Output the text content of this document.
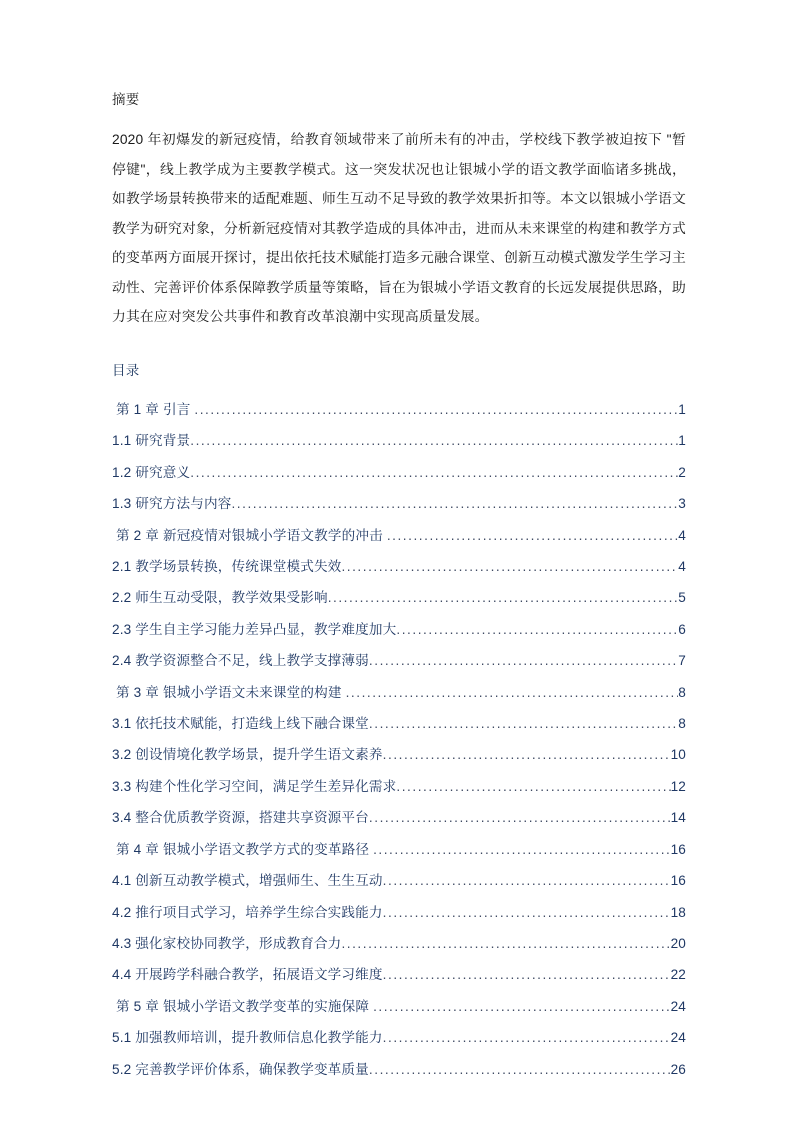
摘要

2020 年初爆发的新冠疫情，给教育领域带来了前所未有的冲击，学校线下教学被迫按下 "暂停键"，线上教学成为主要教学模式。这一突发状况也让银城小学的语文教学面临诸多挑战，如教学场景转换带来的适配难题、师生互动不足导致的教学效果折扣等。本文以银城小学语文教学为研究对象，分析新冠疫情对其教学造成的具体冲击，进而从未来课堂的构建和教学方式的变革两方面展开探讨，提出依托技术赋能打造多元融合课堂、创新互动模式激发学生学习主动性、完善评价体系保障教学质量等策略，旨在为银城小学语文教育的长远发展提供思路，助力其在应对突发公共事件和教育改革浪潮中实现高质量发展。

目录
第 1 章 引言 .....	1
1.1 研究背景 .....	1
1.2 研究意义 .....	2
1.3 研究方法与内容 .....	3
第 2 章 新冠疫情对银城小学语文教学的冲击 .....	4
2.1 教学场景转换，传统课堂模式失效 .....	4
2.2 师生互动受限，教学效果受影响 .....	5
2.3 学生自主学习能力差异凸显，教学难度加大 .....	6
2.4 教学资源整合不足，线上教学支撑薄弱 .....	7
第 3 章 银城小学语文未来课堂的构建 .....	8
3.1 依托技术赋能，打造线上线下融合课堂 .....	8
3.2 创设情境化教学场景，提升学生语文素养 .....	10
3.3 构建个性化学习空间，满足学生差异化需求 .....	12
3.4 整合优质教学资源，搭建共享资源平台 .....	14
第 4 章 银城小学语文教学方式的变革路径 .....	16
4.1 创新互动教学模式，增强师生、生生互动 .....	16
4.2 推行项目式学习，培养学生综合实践能力 .....	18
4.3 强化家校协同教学，形成教育合力 .....	20
4.4 开展跨学科融合教学，拓展语文学习维度 .....	22
第 5 章 银城小学语文教学变革的实施保障 .....	24
5.1 加强教师培训，提升教师信息化教学能力 .....	24
5.2 完善教学评价体系，确保教学变革质量 .....	26
